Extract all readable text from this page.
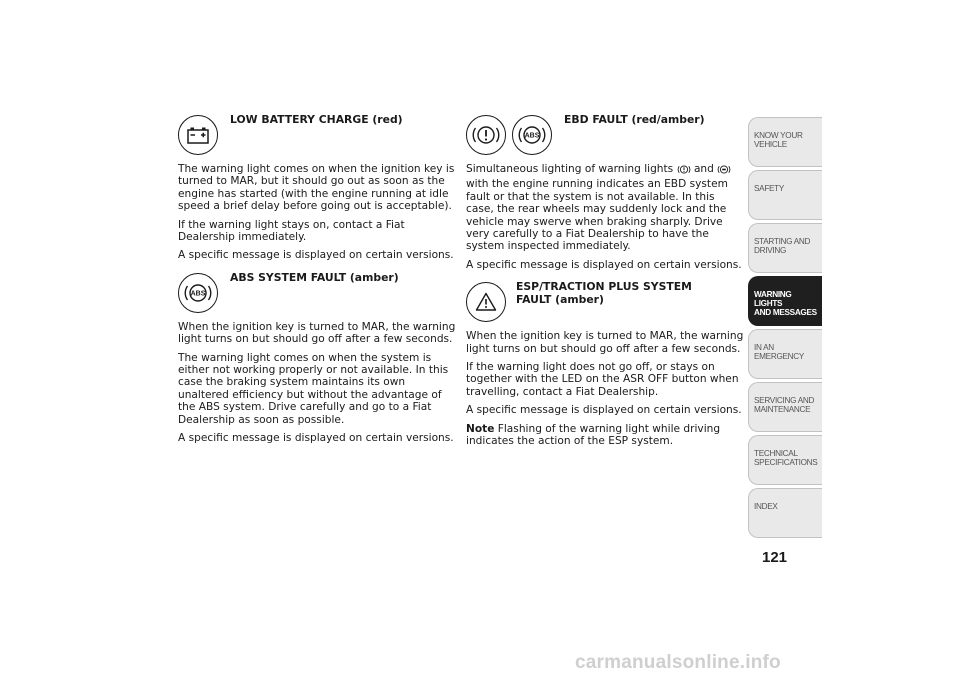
LOW BATTERY CHARGE (red)

The warning light comes on when the ignition key is turned to MAR, but it should go out as soon as the engine has started (with the engine running at idle speed a brief delay before going out is acceptable).

If the warning light stays on, contact a Fiat Dealership immediately.

A specific message is displayed on certain versions.

ABS
ABS SYSTEM FAULT (amber)

When the ignition key is turned to MAR, the warning light turns on but should go off after a few seconds.

The warning light comes on when the system is either not working properly or not available. In this case the braking system maintains its own unaltered efficiency but without the advantage of the ABS system. Drive carefully and go to a Fiat Dealership as soon as possible.

A specific message is displayed on certain versions.

ABS
EBD FAULT (red/amber)

Simultaneous lighting of warning lights  and  with the engine running indicates an EBD system fault or that the system is not available. In this case, the rear wheels may suddenly lock and the vehicle may swerve when braking sharply. Drive very carefully to a Fiat Dealership to have the system inspected immediately.

A specific message is displayed on certain versions.

ESP/TRACTION PLUS SYSTEM FAULT (amber)

When the ignition key is turned to MAR, the warning light turns on but should go off after a few seconds.

If the warning light does not go off, or stays on together with the LED on the ASR OFF button when travelling, contact a Fiat Dealership.

A specific message is displayed on certain versions.

Note Flashing of the warning light while driving indicates the action of the ESP system.

KNOW YOUR
VEHICLE
SAFETY
STARTING AND
DRIVING
WARNING LIGHTS
AND MESSAGES
IN AN EMERGENCY
SERVICING AND
MAINTENANCE
TECHNICAL
SPECIFICATIONS
INDEX
121
carmanualsonline.info
